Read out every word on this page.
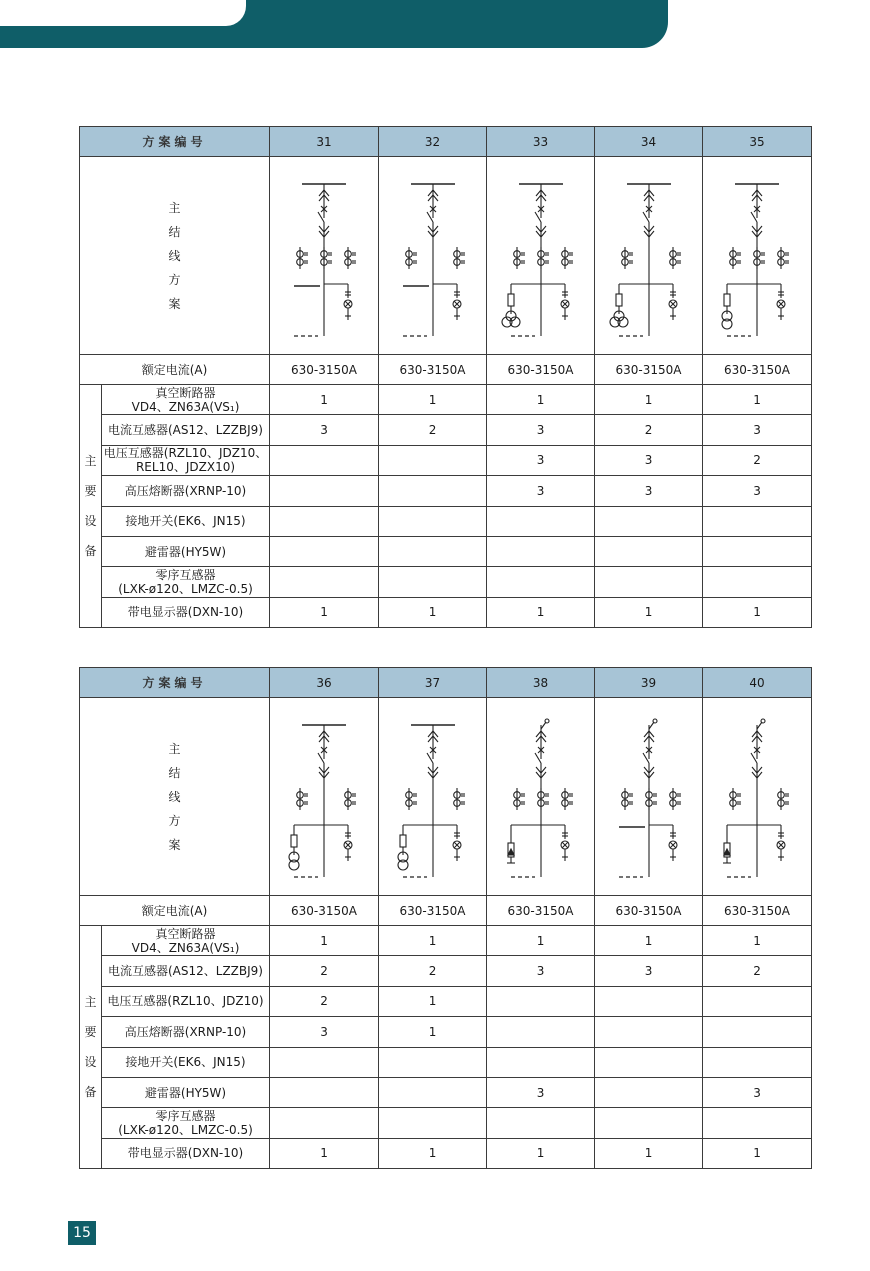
方案编号		31	32	33	34	35

主
结
线
方
案

额定电流(A)		630-3150A	630-3150A	630-3150A	630-3150A	630-3150A

主
要
设
备	真空断路器
VD4、ZN63A(VS₁)	1	1	1	1	1
	电流互感器(AS12、LZZBJ9)	3	2	3	2	3
	电压互感器(RZL10、JDZ10、
REL10、JDZX10)			3	3	2
	高压熔断器(XRNP-10)			3	3	3
	接地开关(EK6、JN15)					
	避雷器(HY5W)					
	零序互感器
(LXK-ø120、LMZC-0.5)					
	带电显示器(DXN-10)	1	1	1	1	1
方案编号		36	37	38	39	40

主
结
线
方
案

额定电流(A)		630-3150A	630-3150A	630-3150A	630-3150A	630-3150A

主
要
设
备	真空断路器
VD4、ZN63A(VS₁)	1	1	1	1	1
	电流互感器(AS12、LZZBJ9)	2	2	3	3	2
	电压互感器(RZL10、JDZ10)	2	1			
	高压熔断器(XRNP-10)	3	1			
	接地开关(EK6、JN15)					
	避雷器(HY5W)			3		3
	零序互感器
(LXK-ø120、LMZC-0.5)					
	带电显示器(DXN-10)	1	1	1	1	1
15
